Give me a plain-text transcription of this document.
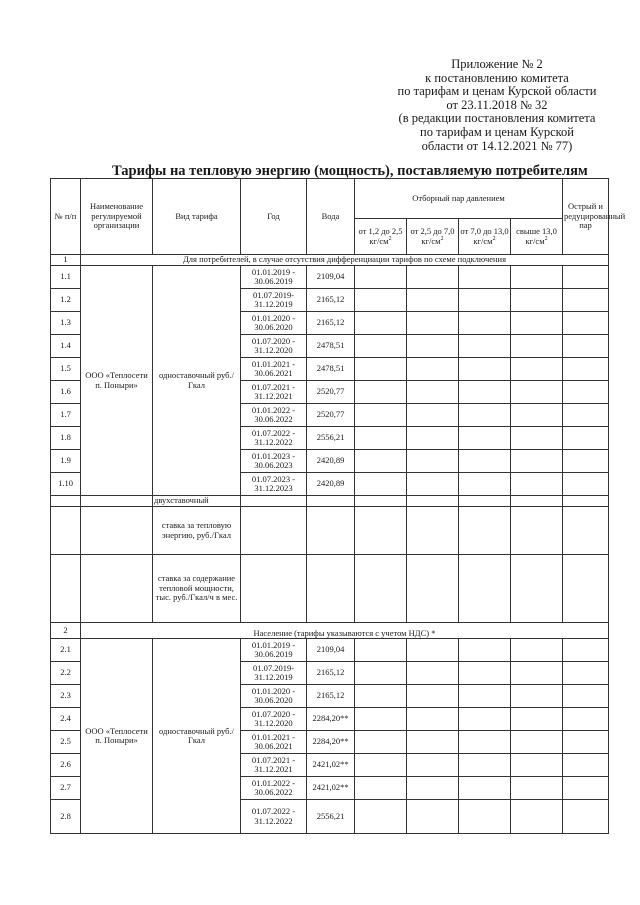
Приложение № 2
к постановлению комитета
по тарифам и ценам Курской области
от 23.11.2018 № 32
(в редакции постановления комитета
по тарифам и ценам Курской
области от 14.12.2021 № 77)
Тарифы на тепловую энергию (мощность), поставляемую потребителям
№ п/п	Наименование регулируемой организации	Вид тарифа	Год	Вода	Отборный пар давлением				Острый и редуцированный пар
					от 1,2 до 2,5 $кг/см^2$	от 2,5 до 7,0 $кг/см^2$	от 7,0 до 13,0 $кг/см^2$	свыше 13,0 $кг/см^2$
1	Для потребителей, в случае отсутствия дифференциации тарифов по схеме подключения								
1.1	ООО «Теплосети п. Поныри»	одноставочный руб./Гкал	01.01.2019 - 30.06.2019	2109,04					
1.2			01.07.2019- 31.12.2019	2165,12					
1.3			01.01.2020 - 30.06.2020	2165,12					
1.4			01.07.2020 - 31.12.2020	2478,51					
1.5			01.01.2021 - 30.06.2021	2478,51					
1.6			01.07.2021 - 31.12.2021	2520,77					
1.7			01.01.2022 - 30.06.2022	2520,77					
1.8			01.07.2022 - 31.12.2022	2556,21					
1.9			01.01.2023 - 30.06.2023	2420,89					
1.10			01.07.2023 - 31.12.2023	2420,89					
		двухставочный							
		ставка за тепловую энергию, руб./Гкал							
		ставка за содержание тепловой мощности, тыс. руб./Гкал/ч в мес.							
2	Население (тарифы указываются с учетом НДС) *								
2.1	ООО «Теплосети п. Поныри»	одноставочный руб./Гкал	01.01.2019 - 30.06.2019	2109,04					
2.2			01.07.2019- 31.12.2019	2165,12					
2.3			01.01.2020 - 30.06.2020	2165,12					
2.4			01.07.2020 - 31.12.2020	2284,20**					
2.5			01.01.2021 - 30.06.2021	2284,20**					
2.6			01.07.2021 - 31.12.2021	2421,02**					
2.7			01.01.2022 - 30.06.2022	2421,02**					
2.8			01.07.2022 - 31.12.2022	2556,21					
